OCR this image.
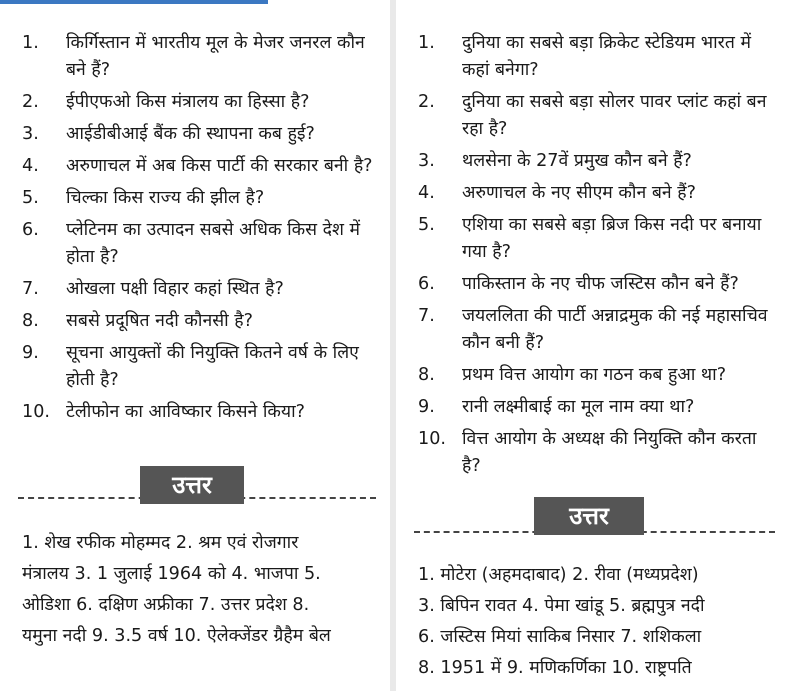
1.	किर्गिस्तान में भारतीय मूल के मेजर जनरल कौन बने हैं?
2.	ईपीएफओ किस मंत्रालय का हिस्सा है?
3.	आईडीबीआई बैंक की स्थापना कब हुई?
4.	अरुणाचल में अब किस पार्टी की सरकार बनी है?
5.	चिल्का किस राज्य की झील है?
6.	प्लेटिनम का उत्पादन सबसे अधिक किस देश में होता है?
7.	ओखला पक्षी विहार कहां स्थित है?
8.	सबसे प्रदूषित नदी कौनसी है?
9.	सूचना आयुक्तों की नियुक्ति कितने वर्ष के लिए होती है?
10. टेलीफोन का आविष्कार किसने किया?
उत्तर
1. शेख रफीक मोहम्मद 2. श्रम एवं रोजगार
मंत्रालय 3. 1 जुलाई 1964 को 4. भाजपा 5.
ओडिशा 6. दक्षिण अफ्रीका 7. उत्तर प्रदेश 8.
यमुना नदी 9. 3.5 वर्ष 10. ऐलेक्जेंडर ग्रैहैम बेल
1.	दुनिया का सबसे बड़ा क्रिकेट स्टेडियम भारत में कहां बनेगा?
2.	दुनिया का सबसे बड़ा सोलर पावर प्लांट कहां बन रहा है?
3.	थलसेना के 27वें प्रमुख कौन बने हैं?
4.	अरुणाचल के नए सीएम कौन बने हैं?
5.	एशिया का सबसे बड़ा ब्रिज किस नदी पर बनाया गया है?
6.	पाकिस्तान के नए चीफ जस्टिस कौन बने हैं?
7.	जयललिता की पार्टी अन्नाद्रमुक की नई महासचिव कौन बनी हैं?
8.	प्रथम वित्त आयोग का गठन कब हुआ था?
9.	रानी लक्ष्मीबाई का मूल नाम क्या था?
10. वित्त आयोग के अध्यक्ष की नियुक्ति कौन करता है?
उत्तर
1. मोटेरा (अहमदाबाद) 2. रीवा (मध्यप्रदेश)
3. बिपिन रावत 4. पेमा खांडू 5. ब्रह्मपुत्र नदी
6. जस्टिस मियां साकिब निसार 7. शशिकला
8. 1951 में 9. मणिकर्णिका 10. राष्ट्रपति
